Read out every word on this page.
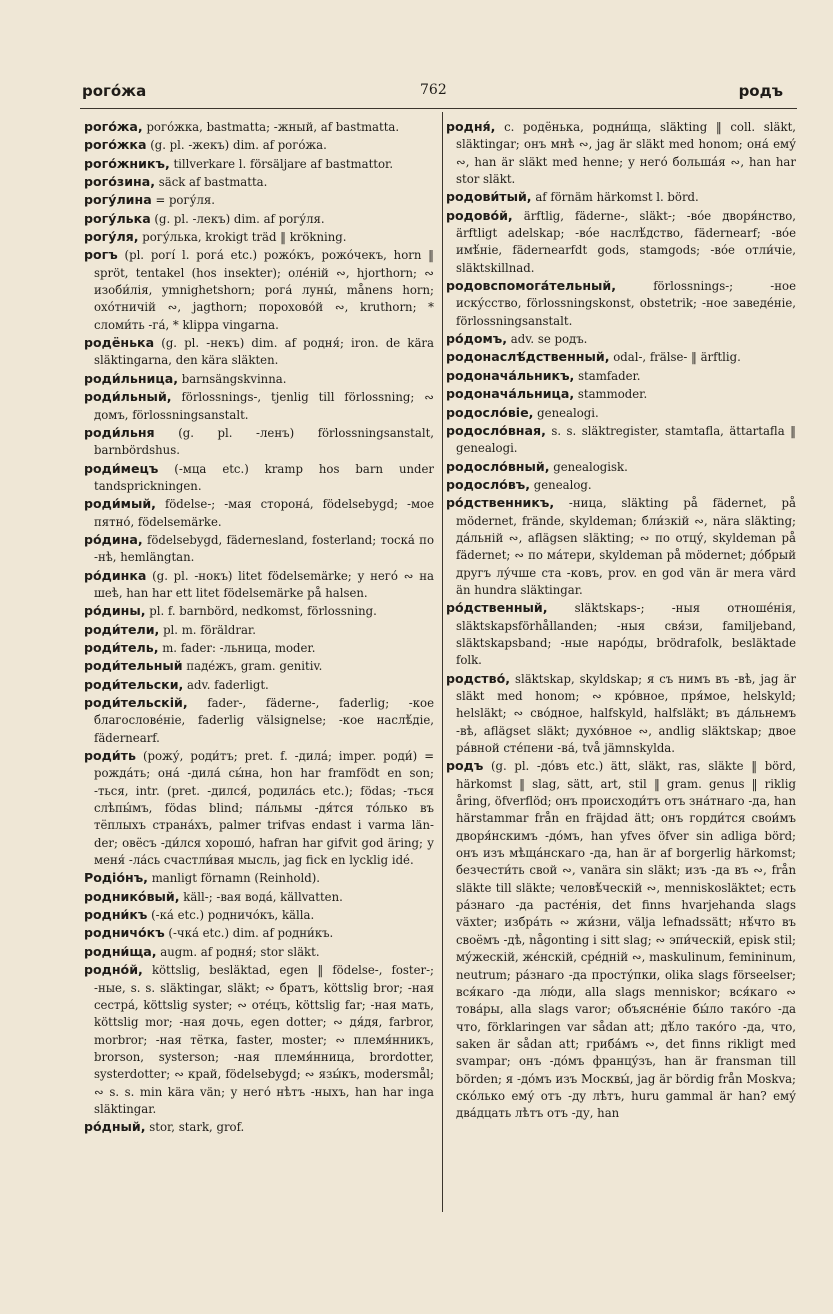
рого́жа	762	родъ

рого́жа, рого́жка, bastmatta; -жный, af bastmatta.

рого́жка (g. pl. -жекъ) dim. af рого́жа.

рого́жникъ, tillverkare l. försäljare af bastmattor.

рого́зина, säck af bastmatta.

рогу́лина = рогу́ля.

рогу́лька (g. pl. -лекъ) dim. af рогу́ля.

рогу́ля, рогу́лька, krokigt träd ‖ krökning.

рогъ (pl. рогі́ l. рога́ etc.) рожо́къ, рожо́чекъ, horn ‖ spröt, tentakel (hos insekter); оле́ній ∾, hjorthorn; ∾ изоби́лія, ymnighetshorn; рога́ луны́, månens horn; охо́тничій ∾, jagthorn; порохово́й ∾, kruthorn; * сломи́ть -га́, * klippa vingarna.

родёнька (g. pl. -некъ) dim. af родня́; iron. de kära släktingarna, den kära släkten.

роди́льница, barnsängskvinna.

роди́льный, förlossnings-, tjenlig till förlossning; ∾ домъ, förlossningsanstalt.

роди́льня (g. pl. -ленъ) förlossningsanstalt, barnbördshus.

роди́мецъ (-мца etc.) kramp hos barn under tandsprickningen.

роди́мый, födelse-; -мая сторона́, födelsebygd; -мое пятно́, födelsemärke.

ро́дина, födelsebygd, fädernesland, fosterland; тоска́ по -нѣ, hemlängtan.

ро́динка (g. pl. -нокъ) litet födelsemärke; у него́ ∾ на шеѣ, han har ett litet födelsemärke på halsen.

ро́дины, pl. f. barnbörd, nedkomst, förlossning.

роди́тели, pl. m. föräldrar.

роди́тель, m. fader: -льница, moder.

роди́тельный паде́жъ, gram. genitiv.

роди́тельски, adv. faderligt.

роди́тельскій, fader-, fäderne-, faderlig; -кое благослове́ніе, faderlig välsignelse; -кое наслѣ́діе, fädernearf.

роди́ть (рожу́, роди́тъ; pret. f. -дила́; imper. роди́) = рожда́ть; она́ -дила́ сы́на, hon har framfödt en son; -ться, intr. (pret. -дился́, родила́сь etc.); födas; -ться слѣпы́мъ, födas blind; па́льмы -дя́тся то́лько въ тёплыхъ страна́хъ, palmer trifvas endast i varma länder; овёсъ -ди́лся хорошо́, hafran har gifvit god äring; у меня́ -ла́сь счастли́вая мысль, jag fick en lycklig idé.

Родіо́нъ, manligt förnamn (Reinhold).

родникóвый, käll-; -вая вода́, källvatten.

родни́къ (-ка́ etc.) родничо́къ, källa.

родничо́къ (-чка́ etc.) dim. af родни́къ.

родни́ща, augm. af родня́; stor släkt.

родно́й, köttslig, besläktad, egen ‖ födelse-, foster-; -ные, s. s. släktingar, släkt; ∾ братъ, köttslig bror; -ная сестра́, köttslig syster; ∾ оте́цъ, köttslig far; -ная мать, köttslig mor; -ная дочь, egen dotter; ∾ дя́дя, farbror, morbror; -ная тётка, faster, moster; ∾ племя́нникъ, brorson, systerson; -ная племя́нница, brordotter, systerdotter; ∾ край, födelsebygd; ∾ язы́къ, modersmål; ∾ s. s. min kära vän; у него́ нѣтъ -ныхъ, han har inga släktingar.

ро́дный, stor, stark, grof.

родня́, c. родёнька, родни́ща, släkting ‖ coll. släkt, släktingar; онъ мнѣ ∾, jag är släkt med honom; она́ ему́ ∾, han är släkt med henne; у него́ больша́я ∾, han har stor släkt.

родови́тый, af förnäm härkomst l. börd.

родово́й, ärftlig, fäderne-, släkt-; -во́е дворя́нство, ärftligt adelskap; -во́е наслѣ́дство, fädernearf; -во́е имѣ́ніе, fädernearfdt gods, stamgods; -во́е отли́чіе, släktskillnad.

родовспомога́тельный,	förlossnings-; -ное иску́сство, förlossningskonst, obstetrik; -ное заведе́ніе, förlossningsanstalt.

ро́домъ, adv. se родъ.

родонаслѣ́дственный, odal-, frälse- ‖ ärftlig.

родонача́льникъ, stamfader.

родонача́льница, stammoder.

родосло́віе, genealogi.

родосло́вная, s. s. släktregister, stamtafla, ättartafla ‖ genealogi.

родосло́вный, genealogisk.

родосло́въ, genealog.

ро́дственникъ, -ница, släkting på fädernet, på mödernet, frände, skyldeman; бли́зкій ∾, nära släkting; да́льній ∾, aflägsen släkting; ∾ по отцу́, skyldeman på fädernet; ∾ по ма́тери, skyldeman på mödernet; до́брый другъ лу́чше ста -ковъ, prov. en god vän är mera värd än hundra släktingar.

ро́дственный, släktskaps-; -ныя отноше́нія, släktskapsförhållanden; -ныя свя́зи, familjeband, släktskapsband; -ные наро́ды, brödrafolk, besläktade folk.

родство́, släktskap, skyldskap; я съ нимъ въ -вѣ, jag är släkt med honom; ∾ кро́вное, пря́мое, helskyld; helsläkt; ∾ сво́дное, halfskyld, halfsläkt; въ да́льнемъ -вѣ, aflägset släkt; духо́вное ∾, andlig släktskap; двое ра́вной сте́пени -ва́, två jämnskylda.

родъ (g. pl. -до́въ etc.) ätt, släkt, ras, släkte ‖ börd, härkomst ‖ slag, sätt, art, stil ‖ gram. genus ‖ riklig åring, öfverflöd; онъ происходи́тъ отъ зна́тнаго -да, han härstammar från en fräjdad ätt; онъ горди́тся свои́мъ дворя́нскимъ -до́мъ, han yfves öfver sin adliga börd; онъ изъ мѣща́нскаго -да, han är af borgerlig härkomst; безчести́ть свой ∾, vanära sin släkt; изъ -да въ ∾, från släkte till släkte; человѣ́ческій ∾, menniskosläktet; есть ра́знаго -да расте́нія, det finns hvarjehanda slags växter; избра́ть ∾ жи́зни, välja lefnadssätt; нѣ́что въ своёмъ -дѣ, någonting i sitt slag; ∾ эпи́ческій, episk stil; му́жескій, же́нскій, сре́дній ∾, maskulinum, femininum, neutrum; ра́знаго -да просту́пки, olika slags förseelser; вся́каго -да лю́ди, alla slags menniskor; вся́каго ∾ това́ры, alla slags varor; объясне́ніе бы́ло тако́го -да что, förklaringen var sådan att; дѣ́ло тако́го -да, что, saken är sådan att; гриба́мъ ∾, det finns rikligt med svampar; онъ -до́мъ францу́зъ, han är fransman till börden; я -до́мъ изъ Москвы́, jag är bördig från Moskva; ско́лько ему́ отъ -ду лѣтъ, huru gammal är han? ему́ два́дцать лѣтъ отъ -ду, han
